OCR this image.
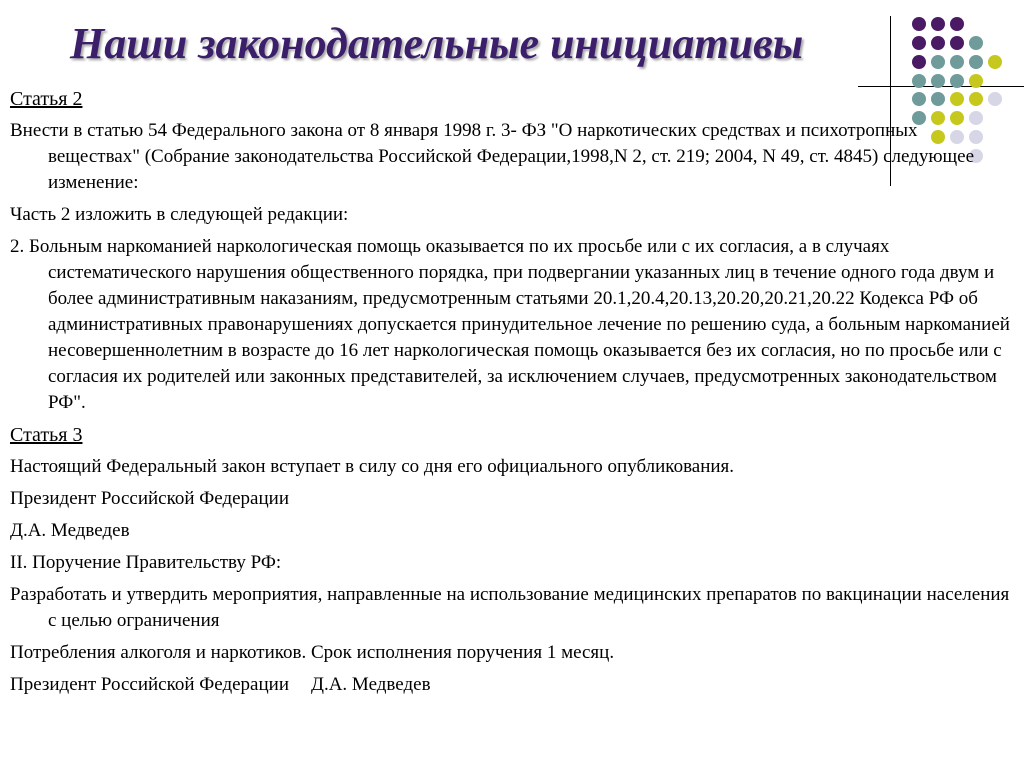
Наши законодательные инициативы

Статья 2

Внести в статью 54 Федерального закона от 8 января 1998 г. 3- ФЗ "О наркотических средствах и психотропных веществах" (Собрание законодательства Российской Федерации,1998,N 2, ст. 219; 2004, N 49, ст. 4845) следующее изменение:

Часть 2 изложить в следующей редакции:

2. Больным наркоманией наркологическая помощь оказывается по их просьбе или с их согласия, а в случаях систематического нарушения общественного порядка, при подвергании указанных лиц в течение одного года двум и более административным наказаниям, предусмотренным статьями 20.1,20.4,20.13,20.20,20.21,20.22 Кодекса РФ об административных правонарушениях допускается принудительное лечение по решению суда, а больным наркоманией несовершеннолетним в возрасте до 16 лет наркологическая помощь оказывается без их согласия, но по просьбе или с согласия их родителей или законных представителей, за исключением случаев, предусмотренных законодательством РФ".

Статья 3

Настоящий Федеральный закон вступает в силу со дня его официального опубликования.

Президент Российской Федерации

Д.А. Медведев

II. Поручение Правительству РФ:

Разработать и утвердить мероприятия, направленные на использование медицинских препаратов по вакцинации населения с целью ограничения

Потребления алкоголя и наркотиков. Срок исполнения поручения 1 месяц.

Президент Российской Федерации Д.А. Медведев
